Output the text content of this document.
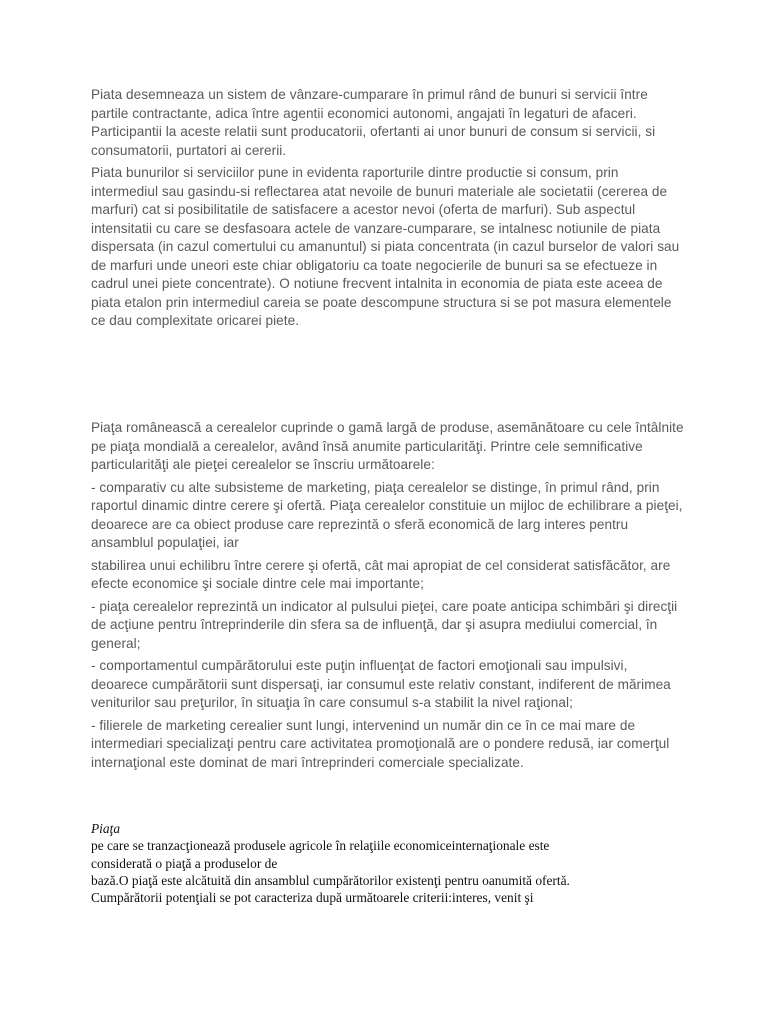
Piata desemneaza un sistem de vânzare-cumparare în primul rând de bunuri si servicii între partile contractante, adica între agentii economici autonomi, angajati în legaturi de afaceri. Participantii la aceste relatii sunt producatorii, ofertanti ai unor bunuri de consum si servicii, si consumatorii, purtatori ai cererii.

Piata bunurilor si serviciilor pune in evidenta raporturile dintre productie si consum, prin intermediul sau gasindu-si reflectarea atat nevoile de bunuri materiale ale societatii (cererea de marfuri) cat si posibilitatile de satisfacere a acestor nevoi (oferta de marfuri). Sub aspectul intensitatii cu care se desfasoara actele de vanzare-cumparare, se intalnesc notiunile de piata dispersata (in cazul comertului cu amanuntul) si piata concentrata (in cazul burselor de valori sau de marfuri unde uneori este chiar obligatoriu ca toate negocierile de bunuri sa se efectueze in cadrul unei piete concentrate). O notiune frecvent intalnita in economia de piata este aceea de piata etalon prin intermediul careia se poate descompune structura si se pot masura elementele ce dau complexitate oricarei piete.

Piaţa românească a cerealelor cuprinde o gamă largă de produse, asemănătoare cu cele întâlnite pe piaţa mondială a cerealelor, având însă anumite particularităţi. Printre cele semnificative particularităţi ale pieţei cerealelor se înscriu următoarele:

- comparativ cu alte subsisteme de marketing, piaţa cerealelor se distinge, în primul rând, prin raportul dinamic dintre cerere şi ofertă. Piaţa cerealelor constituie un mijloc de echilibrare a pieţei, deoarece are ca obiect produse care reprezintă o sferă economică de larg interes pentru ansamblul populaţiei, iar

stabilirea unui echilibru între cerere şi ofertă, cât mai apropiat de cel considerat satisfăcător, are efecte economice şi sociale dintre cele mai importante;

- piaţa cerealelor reprezintă un indicator al pulsului pieţei, care poate anticipa schimbări şi direcţii de acţiune pentru întreprinderile din sfera sa de influenţă, dar şi asupra mediului comercial, în general;

- comportamentul cumpărătorului este puţin influenţat de factori emoţionali sau impulsivi, deoarece cumpărătorii sunt dispersaţi, iar consumul este relativ constant, indiferent de mărimea veniturilor sau preţurilor, în situaţia în care consumul s-a stabilit la nivel raţional;

- filierele de marketing cerealier sunt lungi, intervenind un număr din ce în ce mai mare de intermediari specializaţi pentru care activitatea promoţională are o pondere redusă, iar comerţul internaţional este dominat de mari întreprinderi comerciale specializate.

Piaţa

pe care se tranzacţionează produsele agricole în relaţiile economiceinternaţionale este

considerată o piaţă a produselor de

bază.O piaţă este alcătuită din ansamblul cumpărătorilor existenţi pentru oanumită ofertă.

Cumpărătorii potenţiali se pot caracteriza după următoarele criterii:interes, venit şi
